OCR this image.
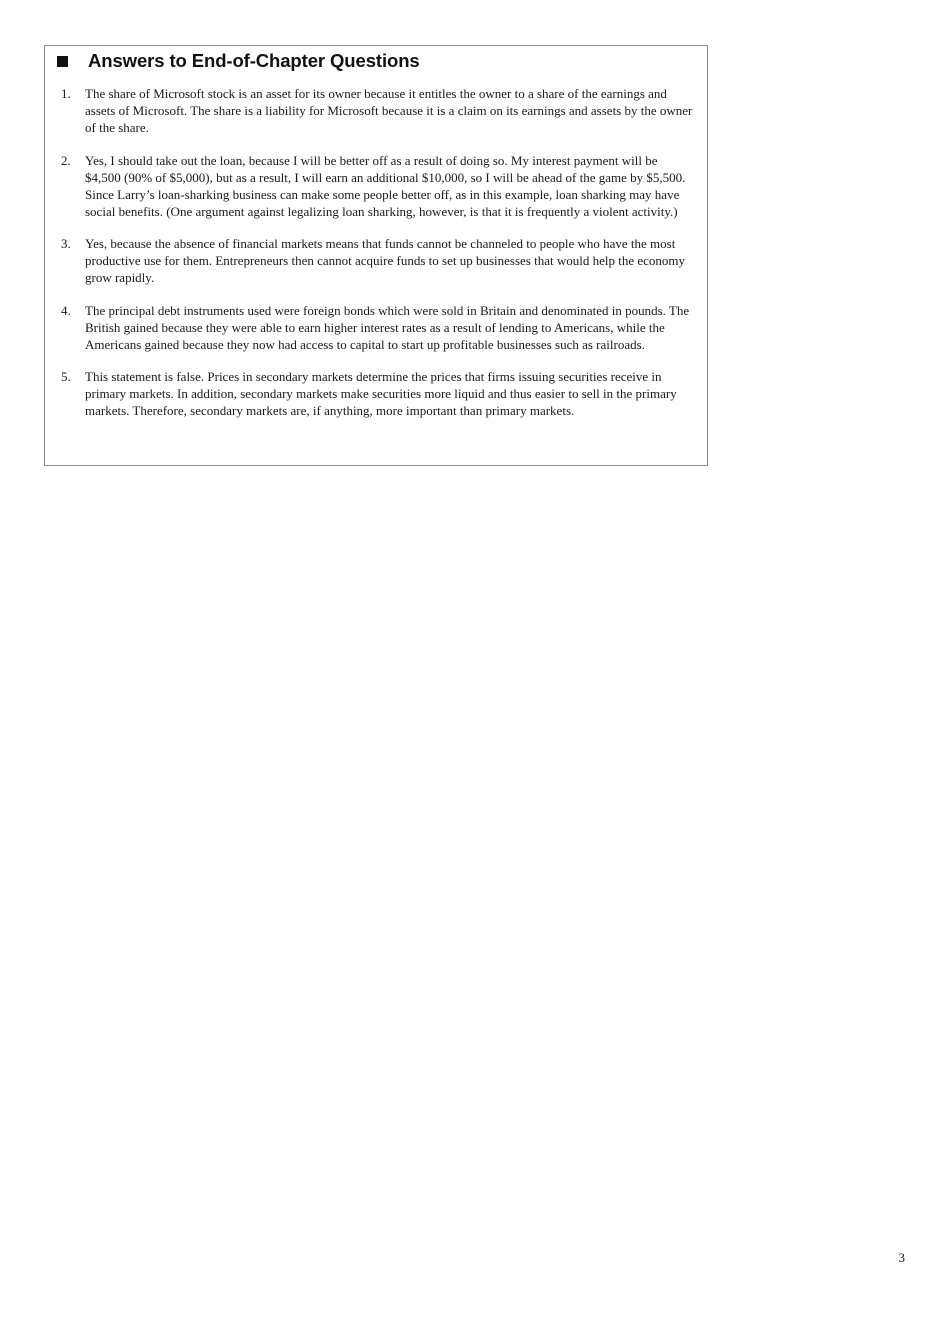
Answers to End-of-Chapter Questions
1.	The share of Microsoft stock is an asset for its owner because it entitles the owner to a share of the earnings and assets of Microsoft. The share is a liability for Microsoft because it is a claim on its earnings and assets by the owner of the share.
2.	Yes, I should take out the loan, because I will be better off as a result of doing so. My interest payment will be $4,500 (90% of $5,000), but as a result, I will earn an additional $10,000, so I will be ahead of the game by $5,500. Since Larry’s loan-sharking business can make some people better off, as in this example, loan sharking may have social benefits. (One argument against legalizing loan sharking, however, is that it is frequently a violent activity.)
3.	Yes, because the absence of financial markets means that funds cannot be channeled to people who have the most productive use for them. Entrepreneurs then cannot acquire funds to set up businesses that would help the economy grow rapidly.
4.	The principal debt instruments used were foreign bonds which were sold in Britain and denominated in pounds. The British gained because they were able to earn higher interest rates as a result of lending to Americans, while the Americans gained because they now had access to capital to start up profitable businesses such as railroads.
5.	This statement is false. Prices in secondary markets determine the prices that firms issuing securities receive in primary markets. In addition, secondary markets make securities more liquid and thus easier to sell in the primary markets. Therefore, secondary markets are, if anything, more important than primary markets.
3
